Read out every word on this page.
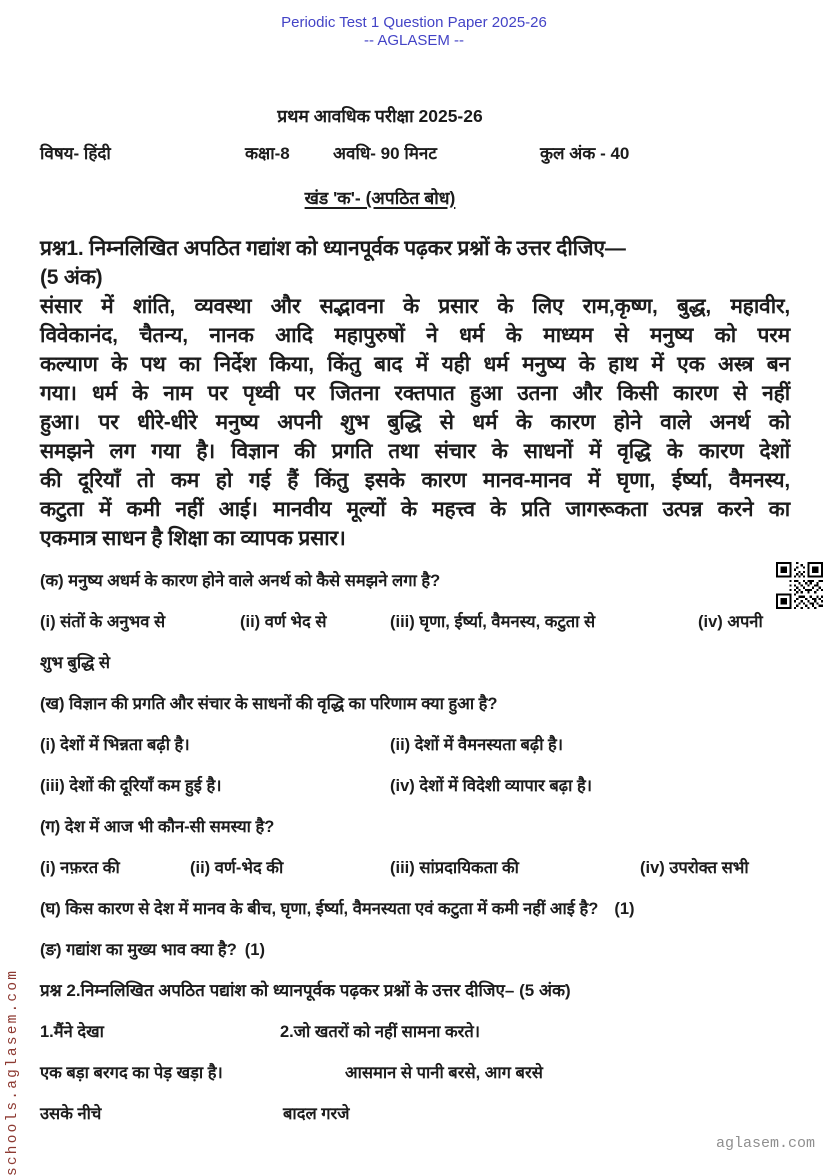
Periodic Test 1 Question Paper 2025-26
-- AGLASEM --
प्रथम आवधिक परीक्षा 2025-26
विषय- हिंदी	कक्षा-8	अवधि- 90 मिनट	कुल अंक - 40
खंड 'क'- (अपठित बोध)
प्रश्न1. निम्नलिखित अपठित गद्यांश को ध्यानपूर्वक पढ़कर प्रश्नों के उत्तर दीजिए—
(5 अंक)
संसार में शांति, व्यवस्था और सद्भावना के प्रसार के लिए राम,कृष्ण, बुद्ध, महावीर,
विवेकानंद, चैतन्य, नानक आदि महापुरुषों ने धर्म के माध्यम से मनुष्य को परम
कल्याण के पथ का निर्देश किया, किंतु बाद में यही धर्म मनुष्य के हाथ में एक अस्त्र बन
गया। धर्म के नाम पर पृथ्वी पर जितना रक्तपात हुआ उतना और किसी कारण से नहीं
हुआ। पर धीरे-धीरे मनुष्य अपनी शुभ बुद्धि से धर्म के कारण होने वाले अनर्थ को
समझने लग गया है। विज्ञान की प्रगति तथा संचार के साधनों में वृद्धि के कारण देशों
की दूरियाँ तो कम हो गई हैं किंतु इसके कारण मानव-मानव में घृणा, ईर्ष्या, वैमनस्य,
कटुता में कमी नहीं आई। मानवीय मूल्यों के महत्त्व के प्रति जागरूकता उत्पन्न करने का
एकमात्र साधन है शिक्षा का व्यापक प्रसार।
(क) मनुष्य अधर्म के कारण होने वाले अनर्थ को कैसे समझने लगा है?
(i) संतों के अनुभव से	(ii) वर्ण भेद से	(iii) घृणा, ईर्ष्या, वैमनस्य, कटुता से	(iv) अपनी
शुभ बुद्धि से
(ख) विज्ञान की प्रगति और संचार के साधनों की वृद्धि का परिणाम क्या हुआ है?
(i) देशों में भिन्नता बढ़ी है।	(ii) देशों में वैमनस्यता बढ़ी है।
(iii) देशों की दूरियाँ कम हुई है।	(iv) देशों में विदेशी व्यापार बढ़ा है।
(ग) देश में आज भी कौन-सी समस्या है?
(i) नफ़रत की	(ii) वर्ण-भेद की	(iii) सांप्रदायिकता की	(iv) उपरोक्त सभी
(घ) किस कारण से देश में मानव के बीच, घृणा, ईर्ष्या, वैमनस्यता एवं कटुता में कमी नहीं आई है? (1)
(ङ) गद्यांश का मुख्य भाव क्या है? (1)
प्रश्न 2.निम्नलिखित अपठित पद्यांश को ध्यानपूर्वक पढ़कर प्रश्नों के उत्तर दीजिए– (5 अंक)
1.मैंने देखा	2.जो खतरों को नहीं सामना करते।
एक बड़ा बरगद का पेड़ खड़ा है।	आसमान से पानी बरसे, आग बरसे
उसके नीचे	बादल गरजे
schools.aglasem.com	aglasem.com
